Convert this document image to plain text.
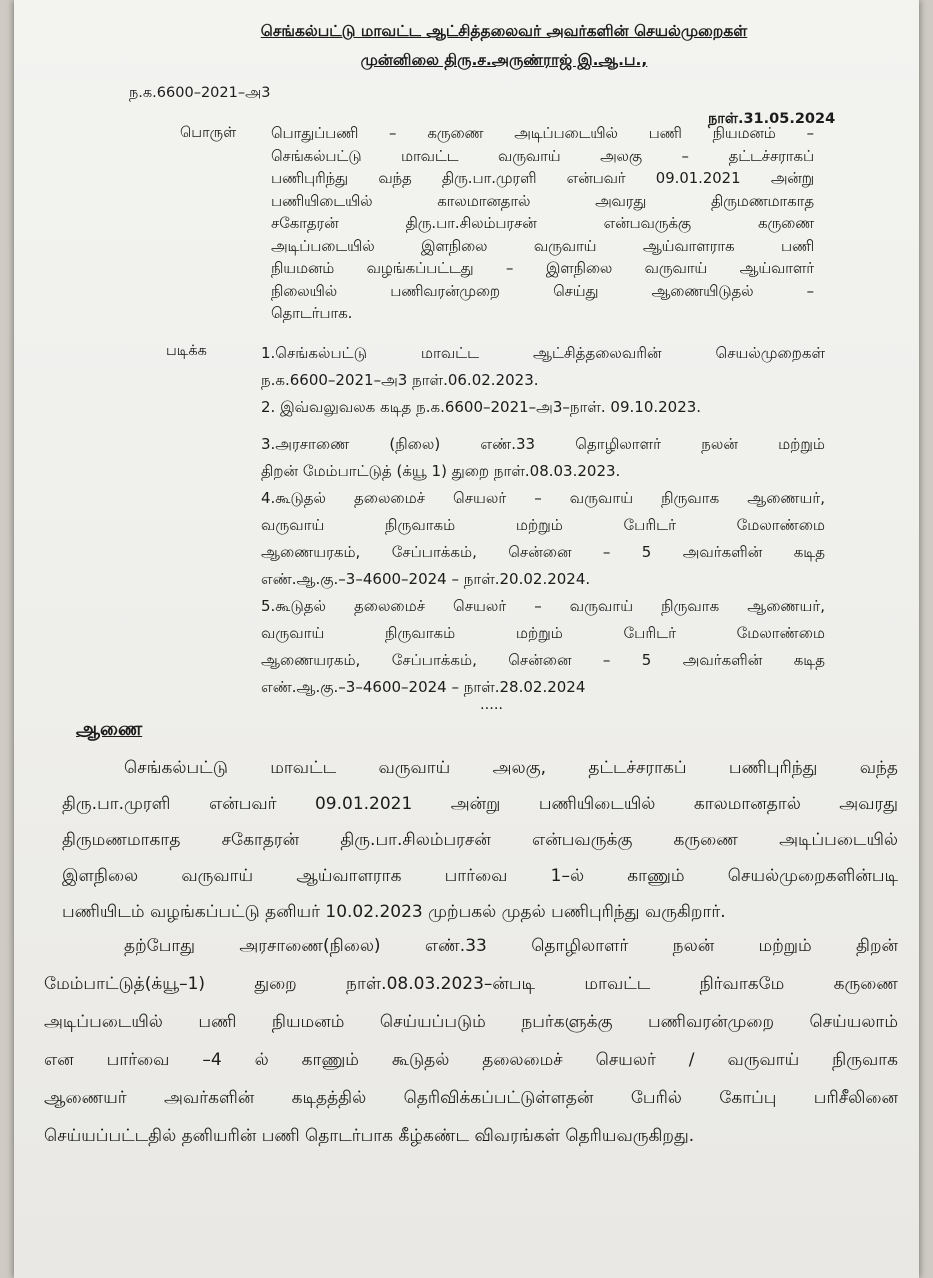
செங்கல்பட்டு மாவட்ட ஆட்சித்தலைவர் அவர்களின் செயல்முறைகள்
முன்னிலை திரு.ச.அருண்ராஜ் இ.ஆ.ப.,
ந.க.6600–2021–அ3
நாள்.31.05.2024
பொருள் பொதுப்பணி – கருணை அடிப்படையில் பணி நியமனம் –
செங்கல்பட்டு மாவட்ட வருவாய் அலகு – தட்டச்சராகப்
பணிபுரிந்து வந்த திரு.பா.முரளி என்பவர் 09.01.2021 அன்று
பணியிடையில் காலமானதால் அவரது திருமணமாகாத
சகோதரன் திரு.பா.சிலம்பரசன் என்பவருக்கு கருணை
அடிப்படையில் இளநிலை வருவாய் ஆய்வாளராக பணி
நியமனம் வழங்கப்பட்டது – இளநிலை வருவாய் ஆய்வாளர்
நிலையில் பணிவரன்முறை செய்து ஆணையிடுதல் –
தொடர்பாக.
படிக்க	1.செங்கல்பட்டு மாவட்ட ஆட்சித்தலைவரின் செயல்முறைகள்
ந.க.6600–2021–அ3 நாள்.06.02.2023.
2. இவ்வலுவலக கடித ந.க.6600–2021–அ3–நாள். 09.10.2023.
3.அரசாணை (நிலை) எண்.33 தொழிலாளர் நலன் மற்றும்
திறன் மேம்பாட்டுத் (க்யூ 1) துறை நாள்.08.03.2023.
4.கூடுதல் தலைமைச் செயலர் – வருவாய் நிருவாக ஆணையர்,
வருவாய் நிருவாகம் மற்றும் பேரிடர் மேலாண்மை
ஆணையரகம், சேப்பாக்கம், சென்னை – 5 அவர்களின் கடித
எண்.ஆ.கு.–3–4600–2024 – நாள்.20.02.2024.
5.கூடுதல் தலைமைச் செயலர் – வருவாய் நிருவாக ஆணையர்,
வருவாய் நிருவாகம் மற்றும் பேரிடர் மேலாண்மை
ஆணையரகம், சேப்பாக்கம், சென்னை – 5 அவர்களின் கடித
எண்.ஆ.கு.–3–4600–2024 – நாள்.28.02.2024
.....
ஆணை
செங்கல்பட்டு மாவட்ட வருவாய் அலகு, தட்டச்சராகப் பணிபுரிந்து வந்த
திரு.பா.முரளி என்பவர் 09.01.2021 அன்று பணியிடையில் காலமானதால் அவரது
திருமணமாகாத சகோதரன் திரு.பா.சிலம்பரசன் என்பவருக்கு கருணை அடிப்படையில்
இளநிலை வருவாய் ஆய்வாளராக பார்வை 1–ல் காணும் செயல்முறைகளின்படி
பணியிடம் வழங்கப்பட்டு தனியர் 10.02.2023 முற்பகல் முதல் பணிபுரிந்து வருகிறார்.
தற்போது அரசாணை(நிலை) எண்.33 தொழிலாளர் நலன் மற்றும் திறன்
மேம்பாட்டுத்(க்யூ–1) துறை நாள்.08.03.2023–ன்படி மாவட்ட நிர்வாகமே கருணை
அடிப்படையில் பணி நியமனம் செய்யப்படும் நபர்களுக்கு பணிவரன்முறை செய்யலாம்
என பார்வை –4 ல் காணும் கூடுதல் தலைமைச் செயலர் / வருவாய் நிருவாக
ஆணையர் அவர்களின் கடிதத்தில் தெரிவிக்கப்பட்டுள்ளதன் பேரில் கோப்பு பரிசீலினை
செய்யப்பட்டதில் தனியரின் பணி தொடர்பாக கீழ்கண்ட விவரங்கள் தெரியவருகிறது.
